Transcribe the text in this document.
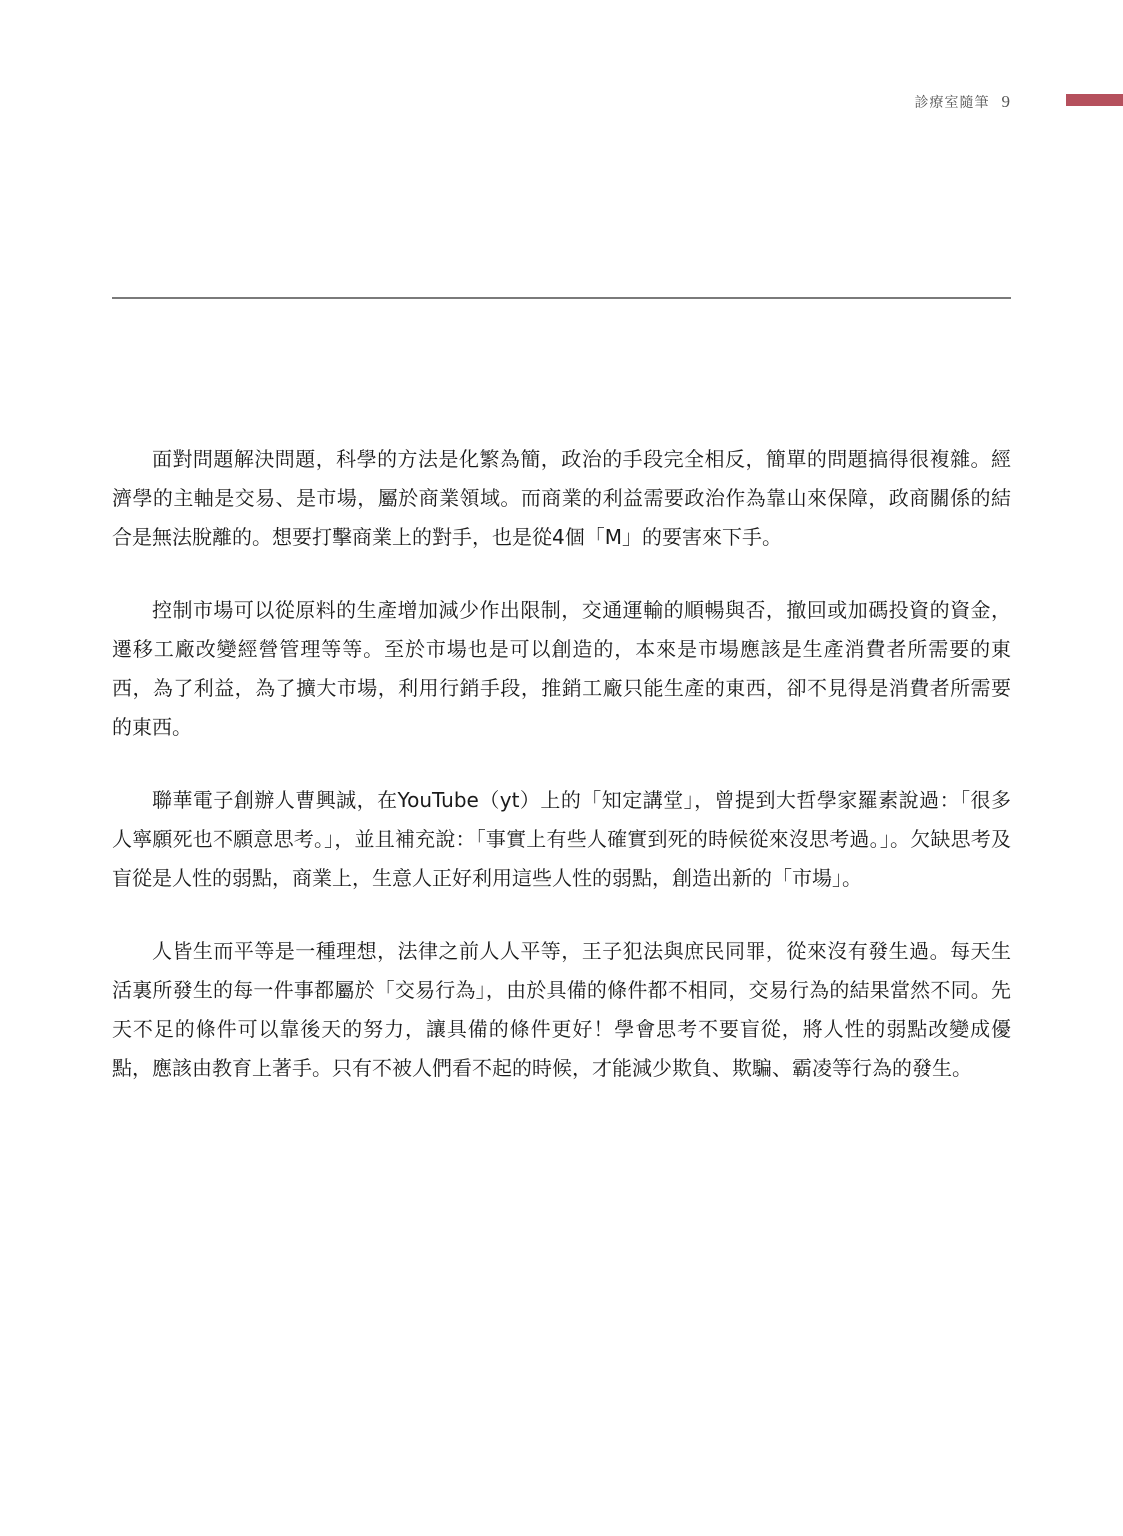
診療室隨筆 9

面對問題解決問題，科學的方法是化繁為簡，政治的手段完全相反，簡單的問題搞得很複雜。經濟學的主軸是交易、是市場，屬於商業領域。而商業的利益需要政治作為靠山來保障，政商關係的結合是無法脫離的。想要打擊商業上的對手，也是從4個「M」的要害來下手。

控制市場可以從原料的生產增加減少作出限制，交通運輸的順暢與否，撤回或加碼投資的資金，遷移工廠改變經營管理等等。至於市場也是可以創造的，本來是市場應該是生產消費者所需要的東西，為了利益，為了擴大市場，利用行銷手段，推銷工廠只能生產的東西，卻不見得是消費者所需要的東西。

聯華電子創辦人曹興誠，在YouTube（yt）上的「知定講堂」，曾提到大哲學家羅素說過：「很多人寧願死也不願意思考。」，並且補充說：「事實上有些人確實到死的時候從來沒思考過。」。欠缺思考及盲從是人性的弱點，商業上，生意人正好利用這些人性的弱點，創造出新的「市場」。

人皆生而平等是一種理想，法律之前人人平等，王子犯法與庶民同罪，從來沒有發生過。每天生活裏所發生的每一件事都屬於「交易行為」，由於具備的條件都不相同，交易行為的結果當然不同。先天不足的條件可以靠後天的努力，讓具備的條件更好！學會思考不要盲從，將人性的弱點改變成優點，應該由教育上著手。只有不被人們看不起的時候，才能減少欺負、欺騙、霸凌等行為的發生。
